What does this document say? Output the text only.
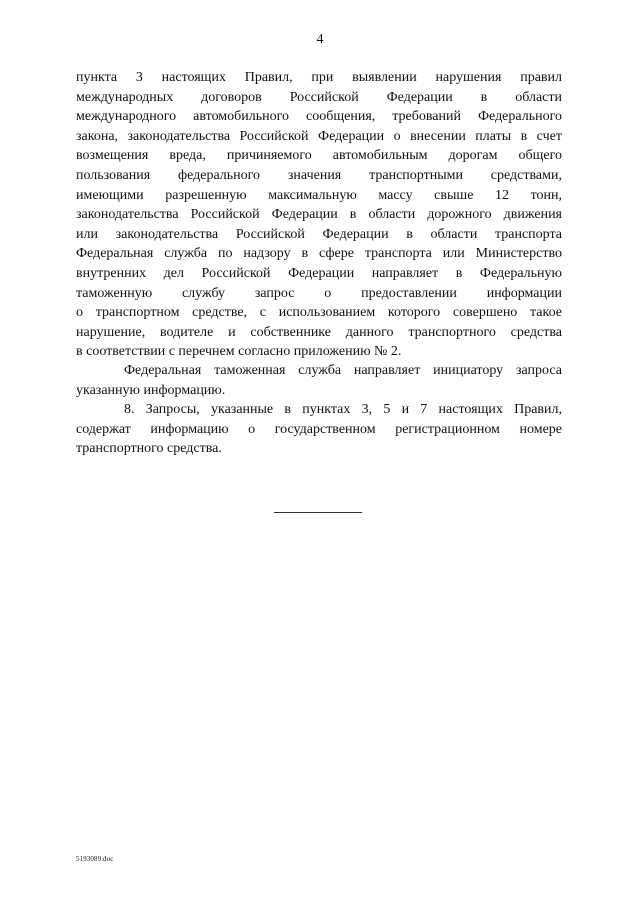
4
пункта 3 настоящих Правил, при выявлении нарушения правил
международных договоров Российской Федерации в области
международного автомобильного сообщения, требований Федерального
закона, законодательства Российской Федерации о внесении платы в счет
возмещения вреда, причиняемого автомобильным дорогам общего
пользования федерального значения транспортными средствами,
имеющими разрешенную максимальную массу свыше 12 тонн,
законодательства Российской Федерации в области дорожного движения
или законодательства Российской Федерации в области транспорта
Федеральная служба по надзору в сфере транспорта или Министерство
внутренних дел Российской Федерации направляет в Федеральную
таможенную службу запрос о предоставлении информации
о транспортном средстве, с использованием которого совершено такое
нарушение, водителе и собственнике данного транспортного средства
в соответствии с перечнем согласно приложению № 2.
Федеральная таможенная служба направляет инициатору запроса
указанную информацию.
8. Запросы, указанные в пунктах 3, 5 и 7 настоящих Правил,
содержат информацию о государственном регистрационном номере
транспортного средства.
5193089.doc
